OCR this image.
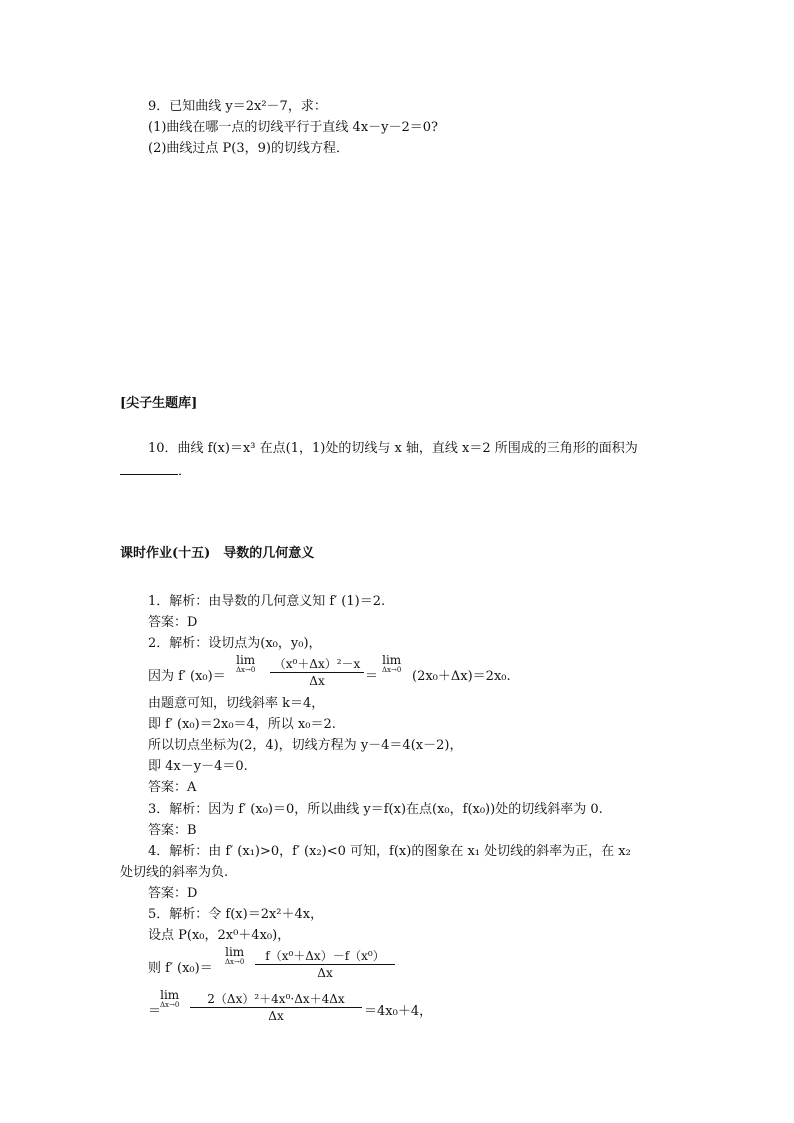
9．已知曲线 y＝2x²－7，求：
(1)曲线在哪一点的切线平行于直线 4x－y－2＝0?
(2)曲线过点 P(3，9)的切线方程．
[尖子生题库]
10．曲线 f(x)＝x³ 在点(1，1)处的切线与 x 轴，直线 x＝2 所围成的三角形的面积为
．
课时作业(十五)　导数的几何意义
1．解析：由导数的几何意义知 f′ (1)＝2.
答案：D
2．解析：设切点为(x₀，y₀)，
因为 f′ (x₀)＝
lim
Δx→0	（x⁰＋Δx）²－x
Δx	＝
lim
Δx→0 (2x₀＋Δx)＝2x₀.
由题意可知，切线斜率 k＝4，
即 f′ (x₀)＝2x₀＝4，所以 x₀＝2.
所以切点坐标为(2，4)，切线方程为 y－4＝4(x－2)，
即 4x－y－4＝0.
答案：A
3．解析：因为 f′ (x₀)＝0，所以曲线 y＝f(x)在点(x₀，f(x₀))处的切线斜率为 0.
答案：B
4．解析：由 f′ (x₁)>0，f′ (x₂)<0 可知，f(x)的图象在 x₁ 处切线的斜率为正，在 x₂
处切线的斜率为负.
答案：D
5．解析：令 f(x)＝2x²＋4x，
设点 P(x₀，2x⁰＋4x₀)，
则 f′ (x₀)＝
lim
Δx→0	f（x⁰＋Δx）－f（x⁰）
Δx
＝
lim
Δx→0	2（Δx）²＋4x⁰·Δx＋4Δx
Δx	＝4x₀＋4，
